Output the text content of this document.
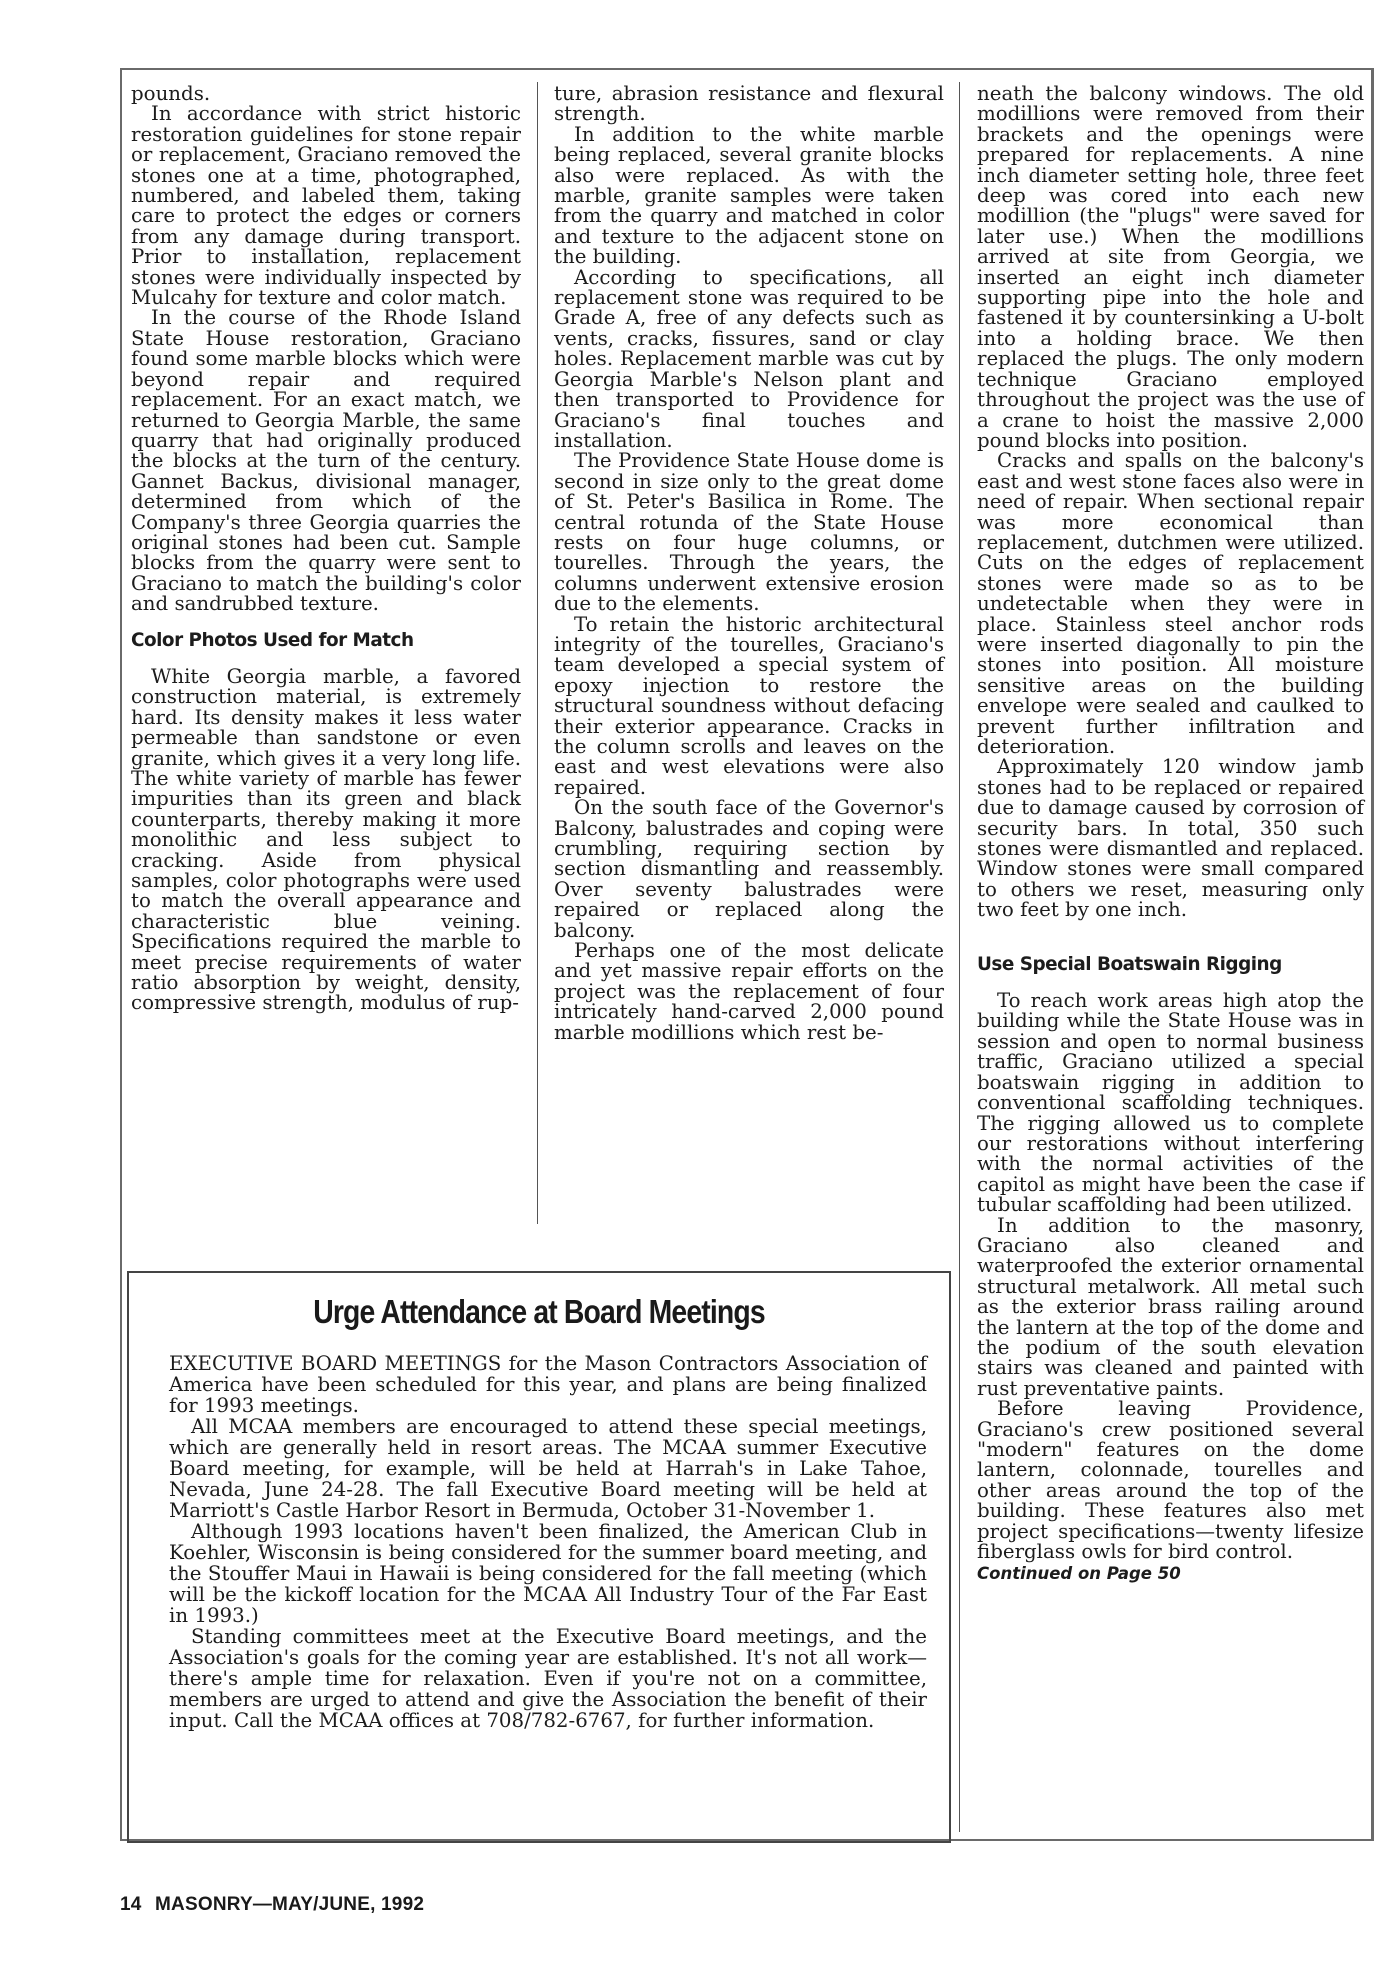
pounds.

In accordance with strict historic restoration guidelines for stone repair or replacement, Graciano removed the stones one at a time, photographed, numbered, and labeled them, taking care to protect the edges or corners from any damage during transport. Prior to installation, replacement stones were individually inspected by Mulcahy for texture and color match.

In the course of the Rhode Island State House restoration, Graciano found some marble blocks which were beyond repair and required replacement. For an exact match, we returned to Georgia Marble, the same quarry that had originally produced the blocks at the turn of the century. Gannet Backus, divisional manager, determined from which of the Company's three Georgia quarries the original stones had been cut. Sample blocks from the quarry were sent to Graciano to match the building's color and sandrubbed texture.

Color Photos Used for Match

White Georgia marble, a favored construction material, is extremely hard. Its density makes it less water permeable than sandstone or even granite, which gives it a very long life. The white variety of marble has fewer impurities than its green and black counterparts, thereby making it more monolithic and less subject to cracking. Aside from physical samples, color photographs were used to match the overall appearance and characteristic blue veining. Specifications required the marble to meet precise requirements of water ratio absorption by weight, density, compressive strength, modulus of rup-

ture, abrasion resistance and flexural strength.

In addition to the white marble being replaced, several granite blocks also were replaced. As with the marble, granite samples were taken from the quarry and matched in color and texture to the adjacent stone on the building.

According to specifications, all replacement stone was required to be Grade A, free of any defects such as vents, cracks, fissures, sand or clay holes. Replacement marble was cut by Georgia Marble's Nelson plant and then transported to Providence for Graciano's final touches and installation.

The Providence State House dome is second in size only to the great dome of St. Peter's Basilica in Rome. The central rotunda of the State House rests on four huge columns, or tourelles. Through the years, the columns underwent extensive erosion due to the elements.

To retain the historic architectural integrity of the tourelles, Graciano's team developed a special system of epoxy injection to restore the structural soundness without defacing their exterior appearance. Cracks in the column scrolls and leaves on the east and west elevations were also repaired.

On the south face of the Governor's Balcony, balustrades and coping were crumbling, requiring section by section dismantling and reassembly. Over seventy balustrades were repaired or replaced along the balcony.

Perhaps one of the most delicate and yet massive repair efforts on the project was the replacement of four intricately hand-carved 2,000 pound marble modillions which rest be-

neath the balcony windows. The old modillions were removed from their brackets and the openings were prepared for replacements. A nine inch diameter setting hole, three feet deep was cored into each new modillion (the "plugs" were saved for later use.) When the modillions arrived at site from Georgia, we inserted an eight inch diameter supporting pipe into the hole and fastened it by countersinking a U-bolt into a holding brace. We then replaced the plugs. The only modern technique Graciano employed throughout the project was the use of a crane to hoist the massive 2,000 pound blocks into position.

Cracks and spalls on the balcony's east and west stone faces also were in need of repair. When sectional repair was more economical than replacement, dutchmen were utilized. Cuts on the edges of replacement stones were made so as to be undetectable when they were in place. Stainless steel anchor rods were inserted diagonally to pin the stones into position. All moisture sensitive areas on the building envelope were sealed and caulked to prevent further infiltration and deterioration.

Approximately 120 window jamb stones had to be replaced or repaired due to damage caused by corrosion of security bars. In total, 350 such stones were dismantled and replaced. Window stones were small compared to others we reset, measuring only two feet by one inch.

Use Special Boatswain Rigging

To reach work areas high atop the building while the State House was in session and open to normal business traffic, Graciano utilized a special boatswain rigging in addition to conventional scaffolding techniques. The rigging allowed us to complete our restorations without interfering with the normal activities of the capitol as might have been the case if tubular scaffolding had been utilized.

In addition to the masonry, Graciano also cleaned and waterproofed the exterior ornamental structural metalwork. All metal such as the exterior brass railing around the lantern at the top of the dome and the podium of the south elevation stairs was cleaned and painted with rust preventative paints.

Before leaving Providence, Graciano's crew positioned several "modern" features on the dome lantern, colonnade, tourelles and other areas around the top of the building. These features also met project specifications—twenty lifesize fiberglass owls for bird control.

Continued on Page 50

Urge Attendance at Board Meetings

EXECUTIVE BOARD MEETINGS for the Mason Contractors Association of America have been scheduled for this year, and plans are being finalized for 1993 meetings.

All MCAA members are encouraged to attend these special meetings, which are generally held in resort areas. The MCAA summer Executive Board meeting, for example, will be held at Harrah's in Lake Tahoe, Nevada, June 24-28. The fall Executive Board meeting will be held at Marriott's Castle Harbor Resort in Bermuda, October 31-November 1.

Although 1993 locations haven't been finalized, the American Club in Koehler, Wisconsin is being considered for the summer board meeting, and the Stouffer Maui in Hawaii is being considered for the fall meeting (which will be the kickoff location for the MCAA All Industry Tour of the Far East in 1993.)

Standing committees meet at the Executive Board meetings, and the Association's goals for the coming year are established. It's not all work—there's ample time for relaxation. Even if you're not on a committee, members are urged to attend and give the Association the benefit of their input. Call the MCAA offices at 708/782-6767, for further information.

14 MASONRY—MAY/JUNE, 1992
